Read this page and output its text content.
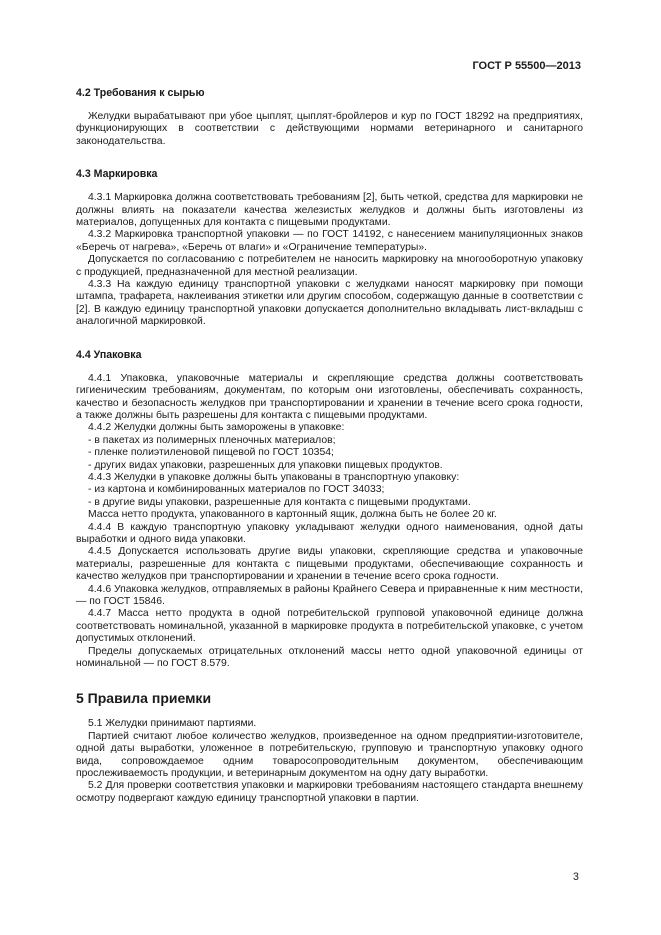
ГОСТ Р 55500—2013
4.2 Требования к сырью

Желудки вырабатывают при убое цыплят, цыплят-бройлеров и кур по ГОСТ 18292 на предприятиях, функционирующих в соответствии с действующими нормами ветеринарного и санитарного законодательства.

4.3 Маркировка

4.3.1 Маркировка должна соответствовать требованиям [2], быть четкой, средства для маркировки не должны влиять на показатели качества железистых желудков и должны быть изготовлены из материалов, допущенных для контакта с пищевыми продуктами.

4.3.2 Маркировка транспортной упаковки — по ГОСТ 14192, с нанесением манипуляционных знаков «Беречь от нагрева», «Беречь от влаги» и «Ограничение температуры».

Допускается по согласованию с потребителем не наносить маркировку на многооборотную упаковку с продукцией, предназначенной для местной реализации.

4.3.3 На каждую единицу транспортной упаковки с желудками наносят маркировку при помощи штампа, трафарета, наклеивания этикетки или другим способом, содержащую данные в соответствии с [2]. В каждую единицу транспортной упаковки допускается дополнительно вкладывать лист-вкладыш с аналогичной маркировкой.

4.4 Упаковка

4.4.1 Упаковка, упаковочные материалы и скрепляющие средства должны соответствовать гигиеническим требованиям, документам, по которым они изготовлены, обеспечивать сохранность, качество и безопасность желудков при транспортировании и хранении в течение всего срока годности, а также должны быть разрешены для контакта с пищевыми продуктами.

4.4.2 Желудки должны быть заморожены в упаковке:

- в пакетах из полимерных пленочных материалов;

- пленке полиэтиленовой пищевой по ГОСТ 10354;

- других видах упаковки, разрешенных для упаковки пищевых продуктов.

4.4.3 Желудки в упаковке должны быть упакованы в транспортную упаковку:

- из картона и комбинированных материалов по ГОСТ 34033;

- в другие виды упаковки, разрешенные для контакта с пищевыми продуктами.

Масса нетто продукта, упакованного в картонный ящик, должна быть не более 20 кг.

4.4.4 В каждую транспортную упаковку укладывают желудки одного наименования, одной даты выработки и одного вида упаковки.

4.4.5 Допускается использовать другие виды упаковки, скрепляющие средства и упаковочные материалы, разрешенные для контакта с пищевыми продуктами, обеспечивающие сохранность и качество желудков при транспортировании и хранении в течение всего срока годности.

4.4.6 Упаковка желудков, отправляемых в районы Крайнего Севера и приравненные к ним местности, — по ГОСТ 15846.

4.4.7 Масса нетто продукта в одной потребительской групповой упаковочной единице должна соответствовать номинальной, указанной в маркировке продукта в потребительской упаковке, с учетом допустимых отклонений.

Пределы допускаемых отрицательных отклонений массы нетто одной упаковочной единицы от номинальной — по ГОСТ 8.579.

5 Правила приемки

5.1 Желудки принимают партиями.

Партией считают любое количество желудков, произведенное на одном предприятии-изготовителе, одной даты выработки, уложенное в потребительскую, групповую и транспортную упаковку одного вида, сопровождаемое одним товаросопроводительным документом, обеспечивающим прослеживаемость продукции, и ветеринарным документом на одну дату выработки.

5.2 Для проверки соответствия упаковки и маркировки требованиям настоящего стандарта внешнему осмотру подвергают каждую единицу транспортной упаковки в партии.

3
